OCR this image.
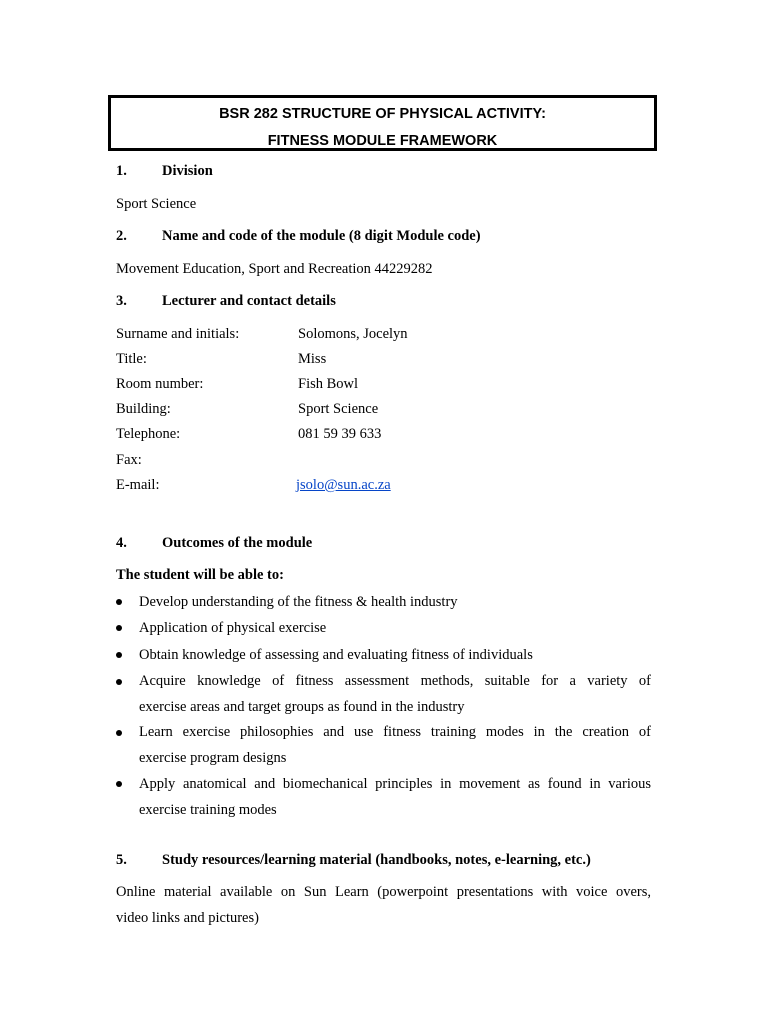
BSR 282 STRUCTURE OF PHYSICAL ACTIVITY:
FITNESS MODULE FRAMEWORK
1. Division
Sport Science
2. Name and code of the module (8 digit Module code)
Movement Education, Sport and Recreation 44229282
3. Lecturer and contact details
Surname and initials:	Solomons, Jocelyn
Title:	Miss
Room number:	Fish Bowl
Building:	Sport Science
Telephone:	081 59 39 633
Fax:
E-mail:	jsolo@sun.ac.za
4. Outcomes of the module
The student will be able to:
Develop understanding of the fitness & health industry
Application of physical exercise
Obtain knowledge of assessing and evaluating fitness of individuals
Acquire knowledge of fitness assessment methods, suitable for a variety of
exercise areas and target groups as found in the industry
Learn exercise philosophies and use fitness training modes in the creation of
exercise program designs
Apply anatomical and biomechanical principles in movement as found in various
exercise training modes
5. Study resources/learning material (handbooks, notes, e-learning, etc.)
Online material available on Sun Learn (powerpoint presentations with voice overs,
video links and pictures)
